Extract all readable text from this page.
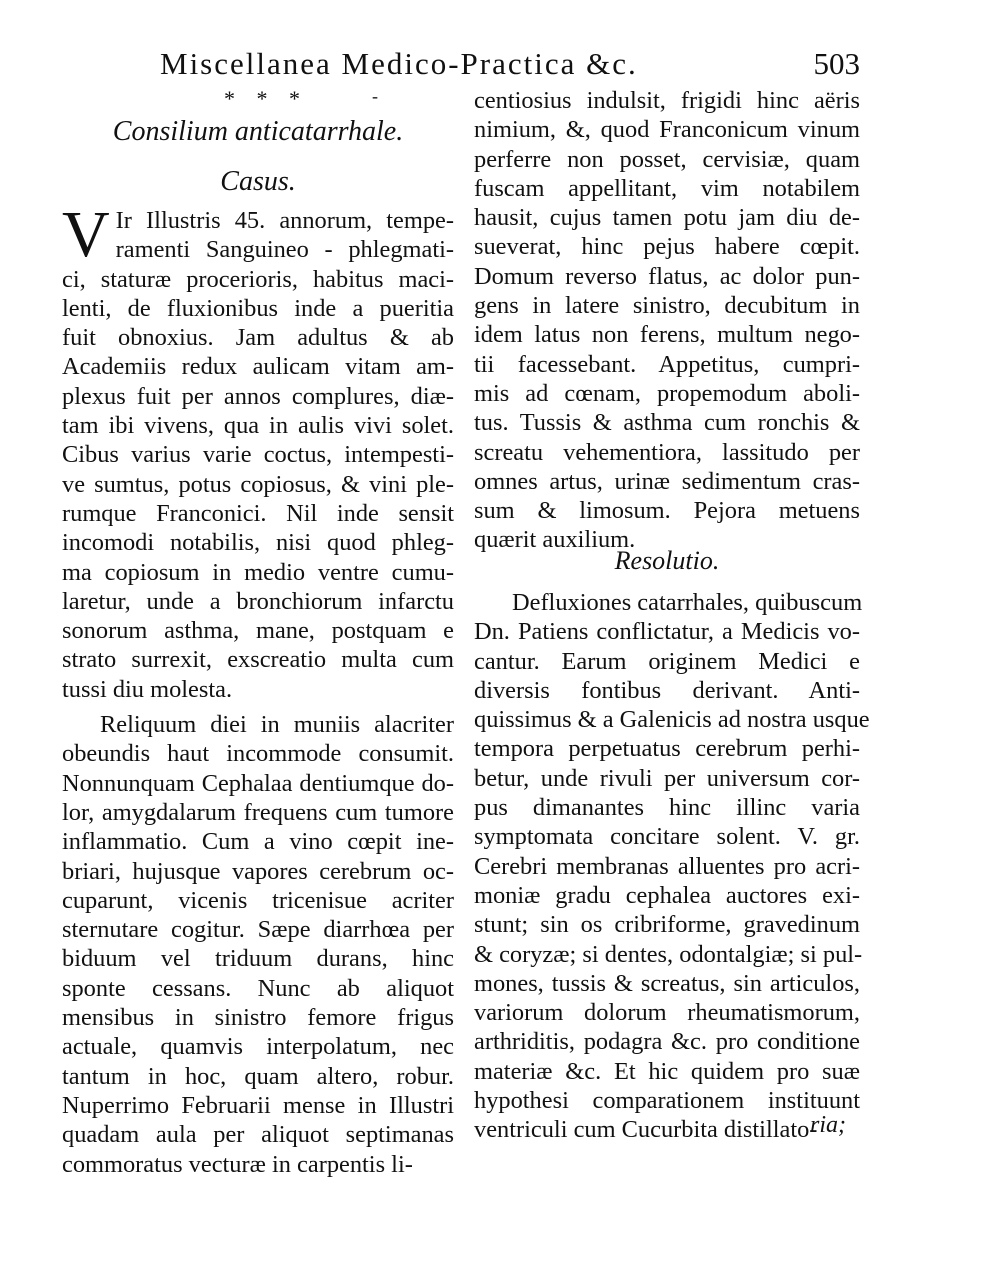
Miscellanea Medico-Practica &c.	503
* * *	-
Consilium anticatarrhale.
Casus.
V Ir Illustris 45. annorum, tempe-
ramenti Sanguineo - phlegmati-
ci, staturæ procerioris, habitus maci-
lenti, de fluxionibus inde a pueritia
fuit obnoxius. Jam adultus & ab
Academiis redux aulicam vitam am-
plexus fuit per annos complures, diæ-
tam ibi vivens, qua in aulis vivi solet.
Cibus varius varie coctus, intempesti-
ve sumtus, potus copiosus, & vini ple-
rumque Franconici. Nil inde sensit
incomodi notabilis, nisi quod phleg-
ma copiosum in medio ventre cumu-
laretur, unde a bronchiorum infarctu
sonorum asthma, mane, postquam e
strato surrexit, exscreatio multa cum
tussi diu molesta.
Reliquum diei in muniis alacriter
obeundis haut incommode consumit.
Nonnunquam Cephalaa dentiumque do-
lor, amygdalarum frequens cum tumore
inflammatio. Cum a vino cœpit ine-
briari, hujusque vapores cerebrum oc-
cuparunt, vicenis tricenisue acriter
sternutare cogitur. Sæpe diarrhœa per
biduum vel triduum durans, hinc
sponte cessans. Nunc ab aliquot
mensibus in sinistro femore frigus
actuale, quamvis interpolatum, nec
tantum in hoc, quam altero, robur.
Nuperrimo Februarii mense in Illustri
quadam aula per aliquot septimanas
commoratus vecturæ in carpentis li-
centiosius indulsit, frigidi hinc aëris
nimium, &, quod Franconicum vinum
perferre non posset, cervisiæ, quam
fuscam appellitant, vim notabilem
hausit, cujus tamen potu jam diu de-
sueverat, hinc pejus habere cœpit.
Domum reverso flatus, ac dolor pun-
gens in latere sinistro, decubitum in
idem latus non ferens, multum nego-
tii facessebant. Appetitus, cumpri-
mis ad cœnam, propemodum aboli-
tus. Tussis & asthma cum ronchis &
screatu vehementiora, lassitudo per
omnes artus, urinæ sedimentum cras-
sum & limosum. Pejora metuens
quærit auxilium.
Resolutio.
Defluxiones catarrhales, quibuscum
Dn. Patiens conflictatur, a Medicis vo-
cantur. Earum originem Medici e
diversis fontibus derivant. Anti-
quissimus & a Galenicis ad nostra usque
tempora perpetuatus cerebrum perhi-
betur, unde rivuli per universum cor-
pus dimanantes hinc illinc varia
symptomata concitare solent. V. gr.
Cerebri membranas alluentes pro acri-
moniæ gradu cephalea auctores exi-
stunt; sin os cribriforme, gravedinum
& coryzæ; si dentes, odontalgiæ; si pul-
mones, tussis & screatus, sin articulos,
variorum dolorum rheumatismorum,
arthriditis, podagra &c. pro conditione
materiæ &c. Et hic quidem pro suæ
hypothesi comparationem instituunt
ventriculi cum Cucurbita distillato-
ria;
